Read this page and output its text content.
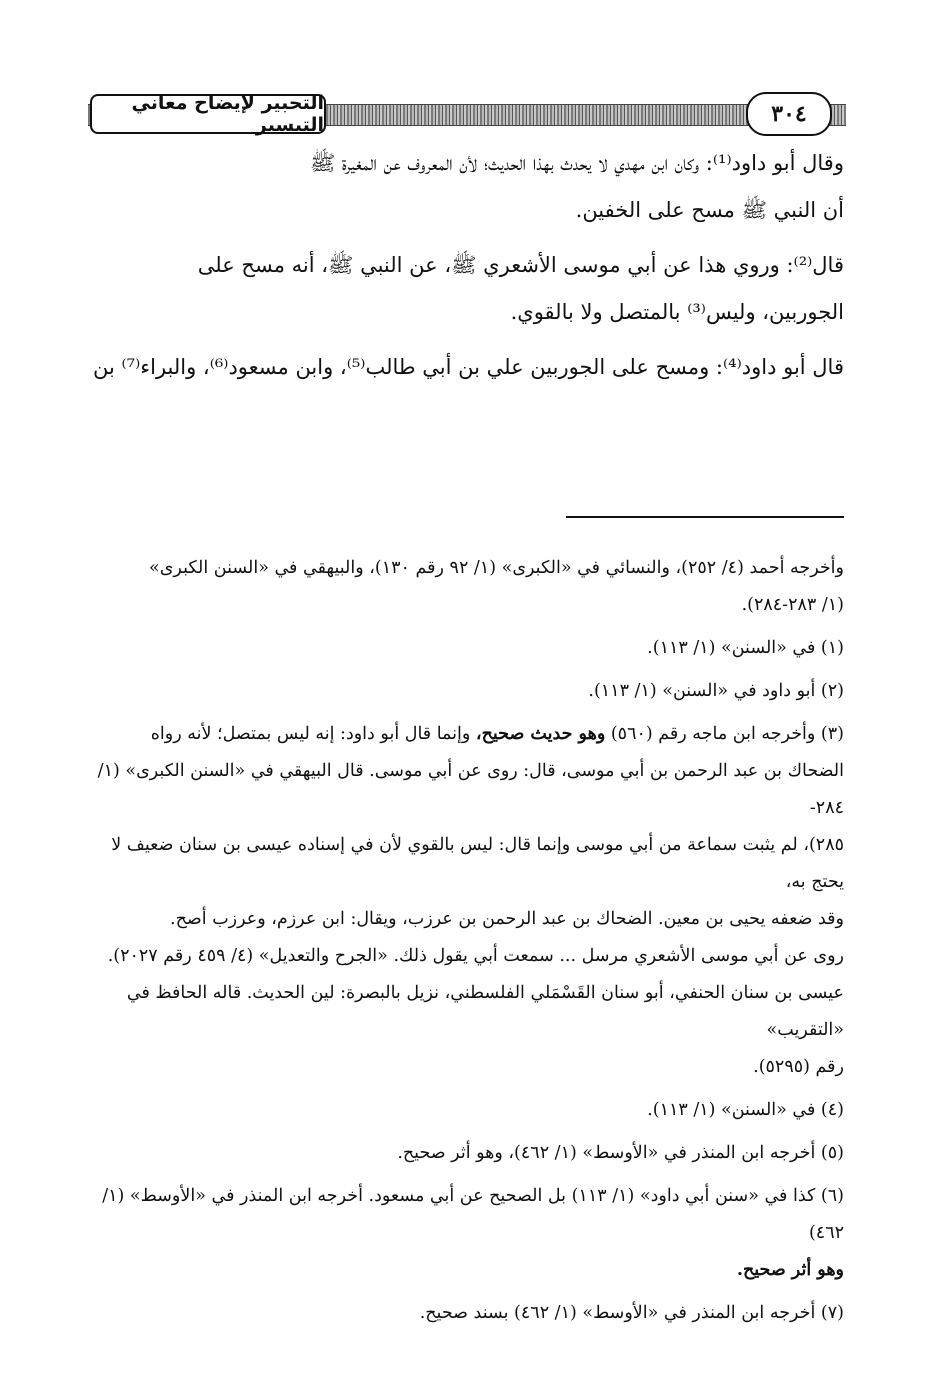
التحبير لإيضاح معاني التيسير	٣٠٤

وقال أبو داود⁽¹⁾: وكان ابن مهدي لا يحدث بهذا الحديث؛ لأن المعروف عن المغيرة ﷺ
أن النبي ﷺ مسح على الخفين.

قال⁽²⁾: وروي هذا عن أبي موسى الأشعري ﷺ، عن النبي ﷺ، أنه مسح على
الجوربين، وليس⁽³⁾ بالمتصل ولا بالقوي.

قال أبو داود⁽⁴⁾: ومسح على الجوربين علي بن أبي طالب⁽⁵⁾، وابن مسعود⁽⁶⁾، والبراء⁽⁷⁾ بن

وأخرجه أحمد (٤/ ٢٥٢)، والنسائي في «الكبرى» (١/ ٩٢ رقم ١٣٠)، والبيهقي في «السنن الكبرى»
(١/ ٢٨٣-٢٨٤).

(١) في «السنن» (١/ ١١٣).

(٢) أبو داود في «السنن» (١/ ١١٣).

(٣) وأخرجه ابن ماجه رقم (٥٦٠) وهو حديث صحيح، وإنما قال أبو داود: إنه ليس بمتصل؛ لأنه رواه
الضحاك بن عبد الرحمن بن أبي موسى، قال: روى عن أبي موسى. قال البيهقي في «السنن الكبرى» (١/ ٢٨٤-
٢٨٥)، لم يثبت سماعة من أبي موسى وإنما قال: ليس بالقوي لأن في إسناده عيسى بن سنان ضعيف لا يحتج به،
وقد ضعفه يحيى بن معين. الضحاك بن عبد الرحمن بن عرزب، ويقال: ابن عرزم، وعرزب أصح.
روى عن أبي موسى الأشعري مرسل ... سمعت أبي يقول ذلك. «الجرح والتعديل» (٤/ ٤٥٩ رقم ٢٠٢٧).
عيسى بن سنان الحنفي، أبو سنان القَسْمَلي الفلسطني، نزيل بالبصرة: لين الحديث. قاله الحافظ في «التقريب»
رقم (٥٢٩٥).

(٤) في «السنن» (١/ ١١٣).

(٥) أخرجه ابن المنذر في «الأوسط» (١/ ٤٦٢)، وهو أثر صحيح.

(٦) كذا في «سنن أبي داود» (١/ ١١٣) بل الصحيح عن أبي مسعود. أخرجه ابن المنذر في «الأوسط» (١/ ٤٦٢)
وهو أثر صحيح.

(٧) أخرجه ابن المنذر في «الأوسط» (١/ ٤٦٢) بسند صحيح.
